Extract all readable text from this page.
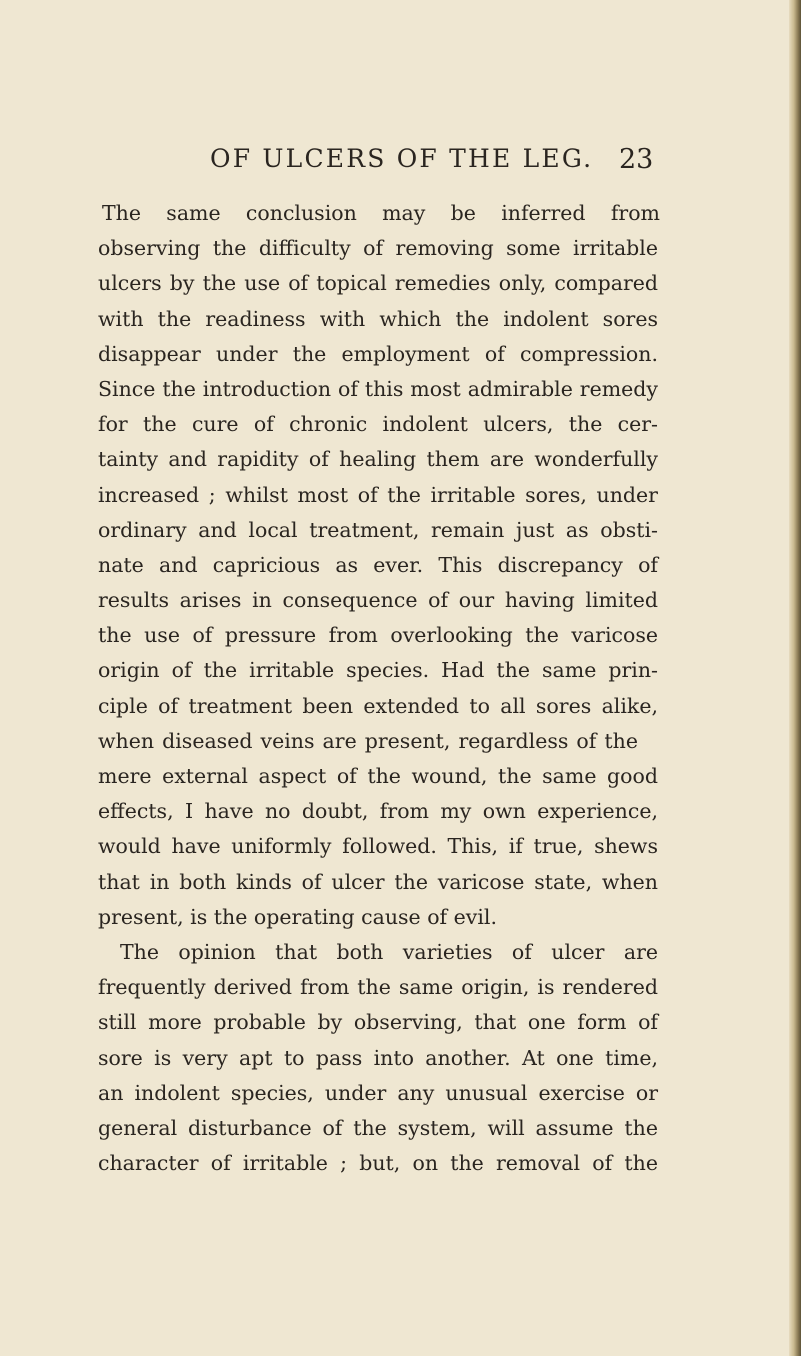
OF ULCERS OF THE LEG. 23
The same conclusion may be inferred from
observing the difficulty of removing some irritable
ulcers by the use of topical remedies only, compared
with the readiness with which the indolent sores
disappear under the employment of compression.
Since the introduction of this most admirable remedy
for the cure of chronic indolent ulcers, the cer-
tainty and rapidity of healing them are wonderfully
increased ; whilst most of the irritable sores, under
ordinary and local treatment, remain just as obsti-
nate and capricious as ever. This discrepancy of
results arises in consequence of our having limited
the use of pressure from overlooking the varicose
origin of the irritable species. Had the same prin-
ciple of treatment been extended to all sores alike,
when diseased veins are present, regardless of the
mere external aspect of the wound, the same good
effects, I have no doubt, from my own experience,
would have uniformly followed. This, if true, shews
that in both kinds of ulcer the varicose state, when
present, is the operating cause of evil.
The opinion that both varieties of ulcer are
frequently derived from the same origin, is rendered
still more probable by observing, that one form of
sore is very apt to pass into another. At one time,
an indolent species, under any unusual exercise or
general disturbance of the system, will assume the
character of irritable ; but, on the removal of the
